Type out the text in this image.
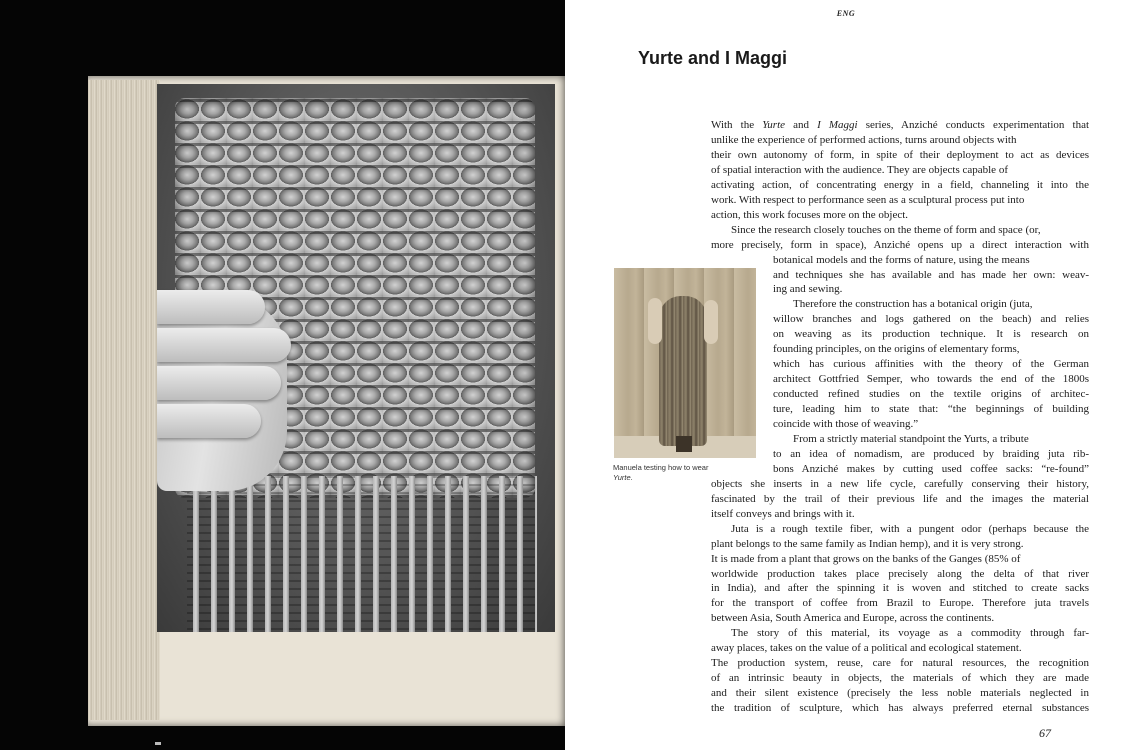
ENG

Yurte and I Maggi

Manuela testing how to wear Yurte.

With the Yurte and I Maggi series, Anziché conducts experimentation that
unlike the experience of performed actions, turns around objects with
their own autonomy of form, in spite of their deployment to act as devices
of spatial interaction with the audience. They are objects capable of
activating action, of concentrating energy in a field, channeling it into the
work. With respect to performance seen as a sculptural process put into
action, this work focuses more on the object.
Since the research closely touches on the theme of form and space (or,
more precisely, form in space), Anziché opens up a direct interaction with
botanical models and the forms of nature, using the means
and techniques she has available and has made her own: weav-
ing and sewing.
Therefore the construction has a botanical origin (juta,
willow branches and logs gathered on the beach) and relies
on weaving as its production technique. It is research on
founding principles, on the origins of elementary forms,
which has curious affinities with the theory of the German
architect Gottfried Semper, who towards the end of the 1800s
conducted refined studies on the textile origins of architec-
ture, leading him to state that: “the beginnings of building
coincide with those of weaving.”
From a strictly material standpoint the Yurts, a tribute
to an idea of nomadism, are produced by braiding juta rib-
bons Anziché makes by cutting used coffee sacks: “re-found”
objects she inserts in a new life cycle, carefully conserving their history,
fascinated by the trail of their previous life and the images the material
itself conveys and brings with it.
Juta is a rough textile fiber, with a pungent odor (perhaps because the
plant belongs to the same family as Indian hemp), and it is very strong.
It is made from a plant that grows on the banks of the Ganges (85% of
worldwide production takes place precisely along the delta of that river
in India), and after the spinning it is woven and stitched to create sacks
for the transport of coffee from Brazil to Europe. Therefore juta travels
between Asia, South America and Europe, across the continents.
The story of this material, its voyage as a commodity through far-
away places, takes on the value of a political and ecological statement.
The production system, reuse, care for natural resources, the recognition
of an intrinsic beauty in objects, the materials of which they are made
and their silent existence (precisely the less noble materials neglected in
the tradition of sculpture, which has always preferred eternal substances

67
